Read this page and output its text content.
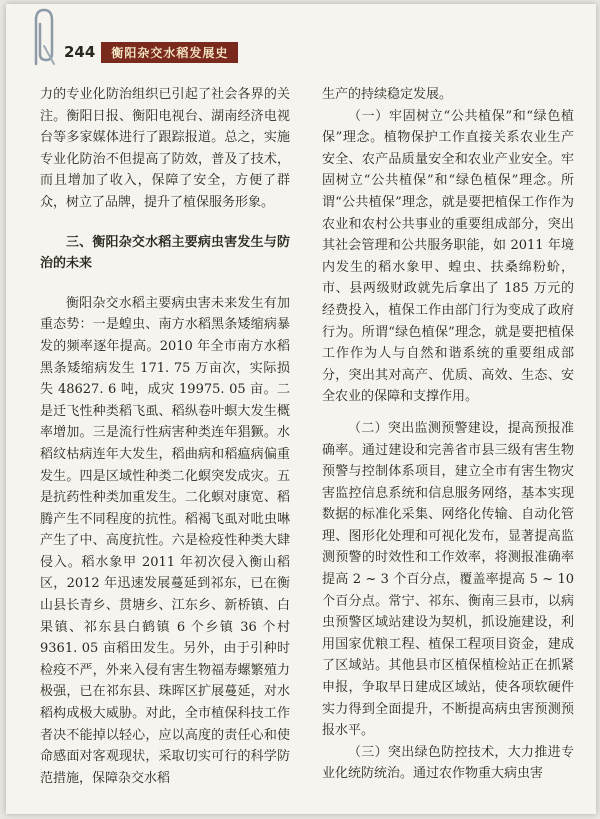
244	衡阳杂交水稻发展史

力的专业化防治组织已引起了社会各界的关注。衡阳日报、衡阳电视台、湖南经济电视台等多家媒体进行了跟踪报道。总之，实施专业化防治不但提高了防效，普及了技术，而且增加了收入，保障了安全，方便了群众，树立了品牌，提升了植保服务形象。

三、衡阳杂交水稻主要病虫害发生与防治的未来

衡阳杂交水稻主要病虫害未来发生有加重态势：一是蝗虫、南方水稻黑条矮缩病暴发的频率逐年提高。2010 年全市南方水稻黑条矮缩病发生 171. 75 万亩次，实际损失 48627. 6 吨，成灾 19975. 05 亩。二是迁飞性种类稻飞虱、稻纵卷叶螟大发生概率增加。三是流行性病害种类连年猖獗。水稻纹枯病连年大发生，稻曲病和稻瘟病偏重发生。四是区域性种类二化螟突发成灾。五是抗药性种类加重发生。二化螟对康宽、稻腾产生不同程度的抗性。稻褐飞虱对吡虫啉产生了中、高度抗性。六是检疫性种类大肆侵入。稻水象甲 2011 年初次侵入衡山稻区，2012 年迅速发展蔓延到祁东，已在衡山县长青乡、贯塘乡、江东乡、新桥镇、白果镇、祁东县白鹤镇 6 个乡镇 36 个村 9361. 05 亩稻田发生。另外，由于引种时检疫不严，外来入侵有害生物福寿螺繁殖力极强，已在祁东县、珠晖区扩展蔓延，对水稻构成极大威胁。对此，全市植保科技工作者决不能掉以轻心，应以高度的责任心和使命感面对客观现状，采取切实可行的科学防范措施，保障杂交水稻

生产的持续稳定发展。

（一）牢固树立“公共植保”和“绿色植保”理念。植物保护工作直接关系农业生产安全、农产品质量安全和农业产业安全。牢固树立“公共植保”和“绿色植保”理念。所谓“公共植保”理念，就是要把植保工作作为农业和农村公共事业的重要组成部分，突出其社会管理和公共服务职能，如 2011 年境内发生的稻水象甲、蝗虫、扶桑绵粉蚧，市、县两级财政就先后拿出了 185 万元的经费投入，植保工作由部门行为变成了政府行为。所谓“绿色植保”理念，就是要把植保工作作为人与自然和谐系统的重要组成部分，突出其对高产、优质、高效、生态、安全农业的保障和支撑作用。

（二）突出监测预警建设，提高预报准确率。通过建设和完善省市县三级有害生物预警与控制体系项目，建立全市有害生物灾害监控信息系统和信息服务网络，基本实现数据的标准化采集、网络化传输、自动化管理、图形化处理和可视化发布，显著提高监测预警的时效性和工作效率，将测报准确率提高 2 ~ 3 个百分点，覆盖率提高 5 ~ 10 个百分点。常宁、祁东、衡南三县市，以病虫预警区域站建设为契机，抓设施建设，利用国家优粮工程、植保工程项目资金，建成了区域站。其他县市区植保植检站正在抓紧申报，争取早日建成区域站，使各项软硬件实力得到全面提升，不断提高病虫害预测预报水平。

（三）突出绿色防控技术，大力推进专业化统防统治。通过农作物重大病虫害
